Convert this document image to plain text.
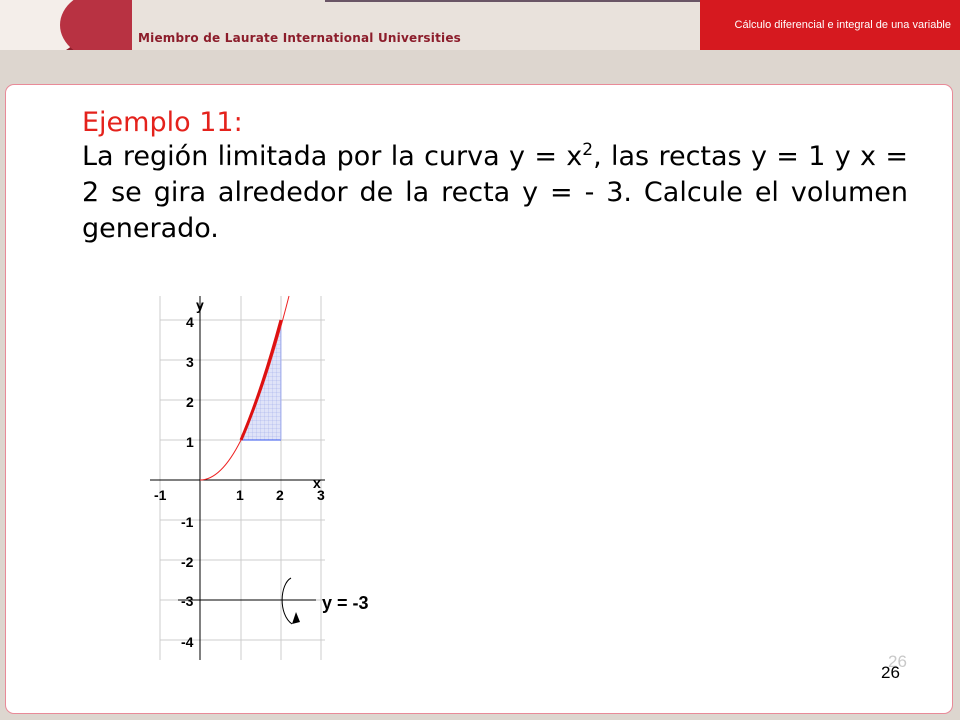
Miembro de Laurate International Universities
Cálculo diferencial e integral de una variable
Ejemplo 11:
La región limitada por la curva $y = x^2$, las rectas y = 1 y x = 2 se gira alrededor de la recta y = - 3. Calcule el volumen generado.
y
x
-1	1 2 3
4
3
2
1
-1
-2
-3
-4
y = -3
26
26
